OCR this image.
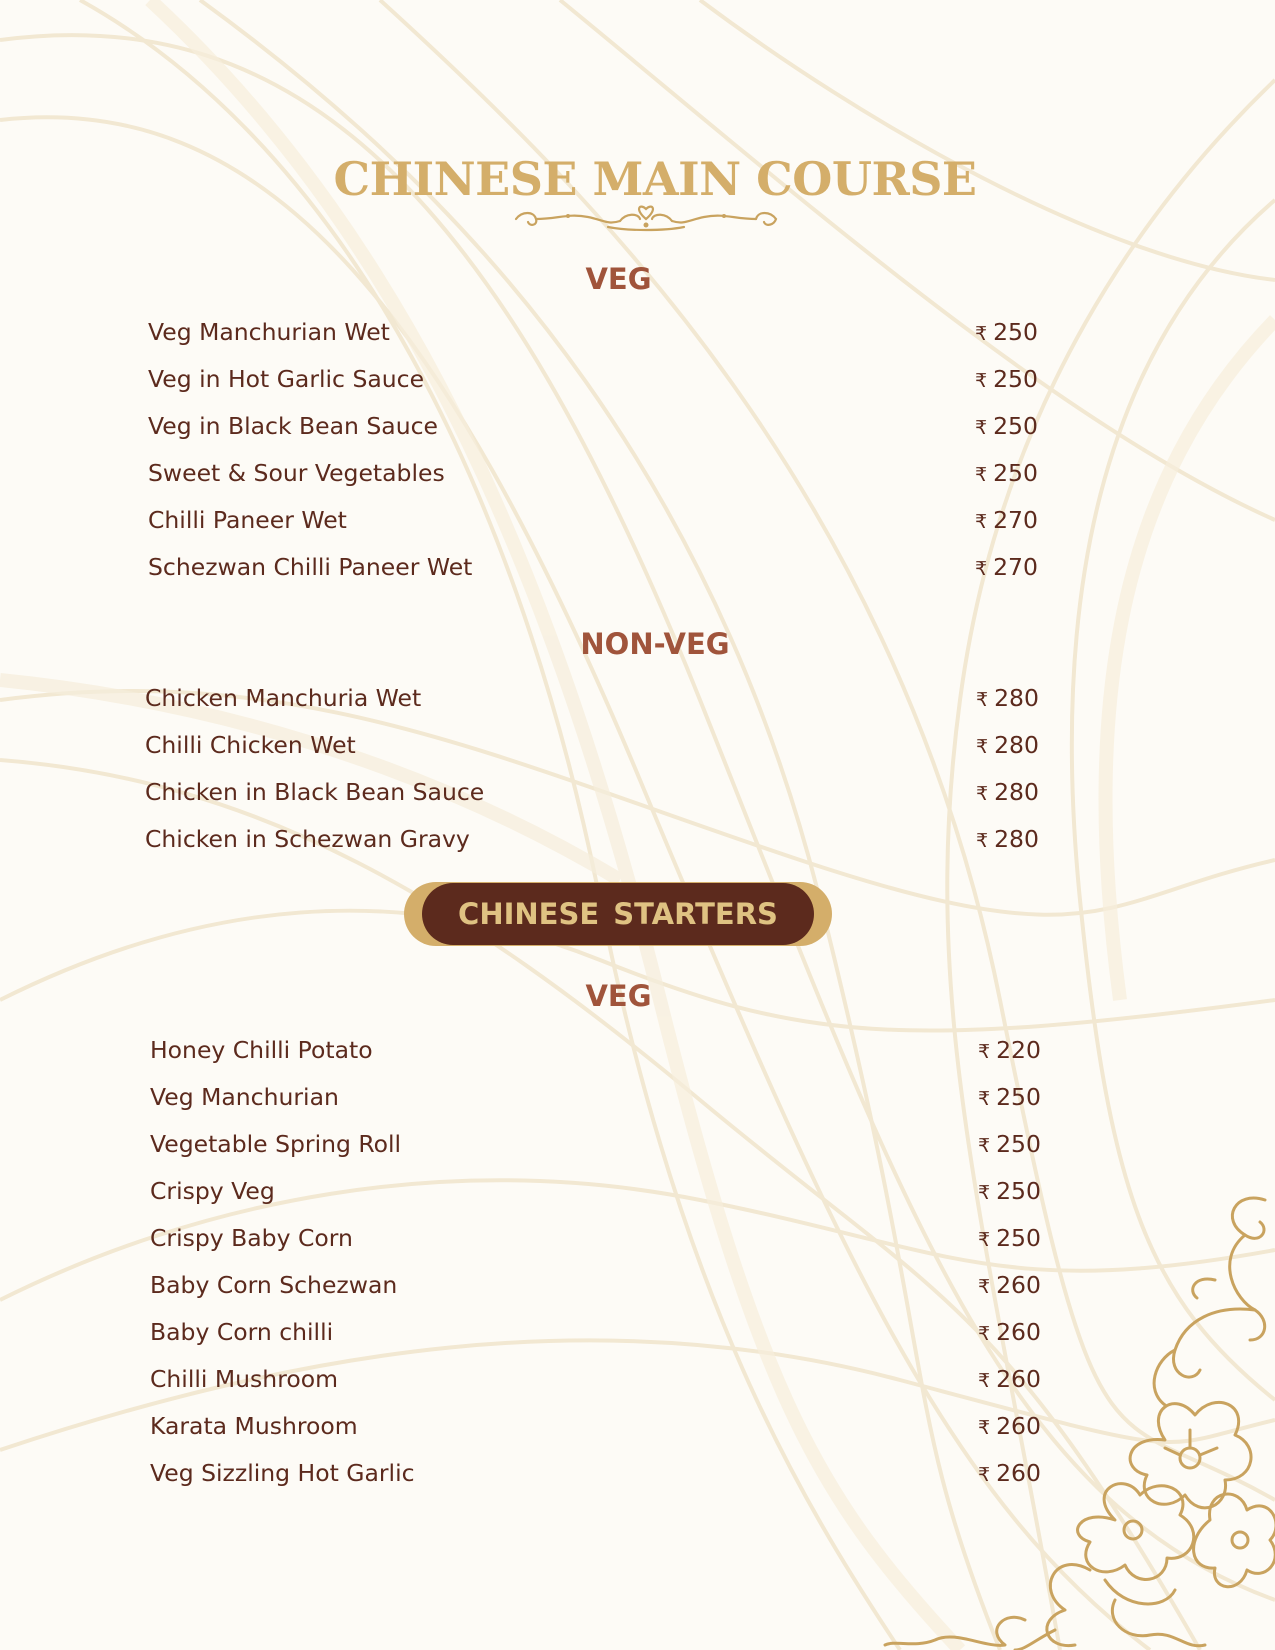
CHINESE MAIN COURSE
VEG
Veg Manchurian Wet	₹ 250
Veg in Hot Garlic Sauce	₹ 250
Veg in Black Bean Sauce	₹ 250
Sweet & Sour Vegetables	₹ 250
Chilli Paneer Wet	₹ 270
Schezwan Chilli Paneer Wet	₹ 270
NON-VEG
Chicken Manchuria Wet	₹ 280
Chilli Chicken Wet	₹ 280
Chicken in Black Bean Sauce	₹ 280
Chicken in Schezwan Gravy	₹ 280
CHINESE STARTERS
VEG
Honey Chilli Potato	₹ 220
Veg Manchurian	₹ 250
Vegetable Spring Roll	₹ 250
Crispy Veg	₹ 250
Crispy Baby Corn	₹ 250
Baby Corn Schezwan	₹ 260
Baby Corn chilli	₹ 260
Chilli Mushroom	₹ 260
Karata Mushroom	₹ 260
Veg Sizzling Hot Garlic	₹ 260
